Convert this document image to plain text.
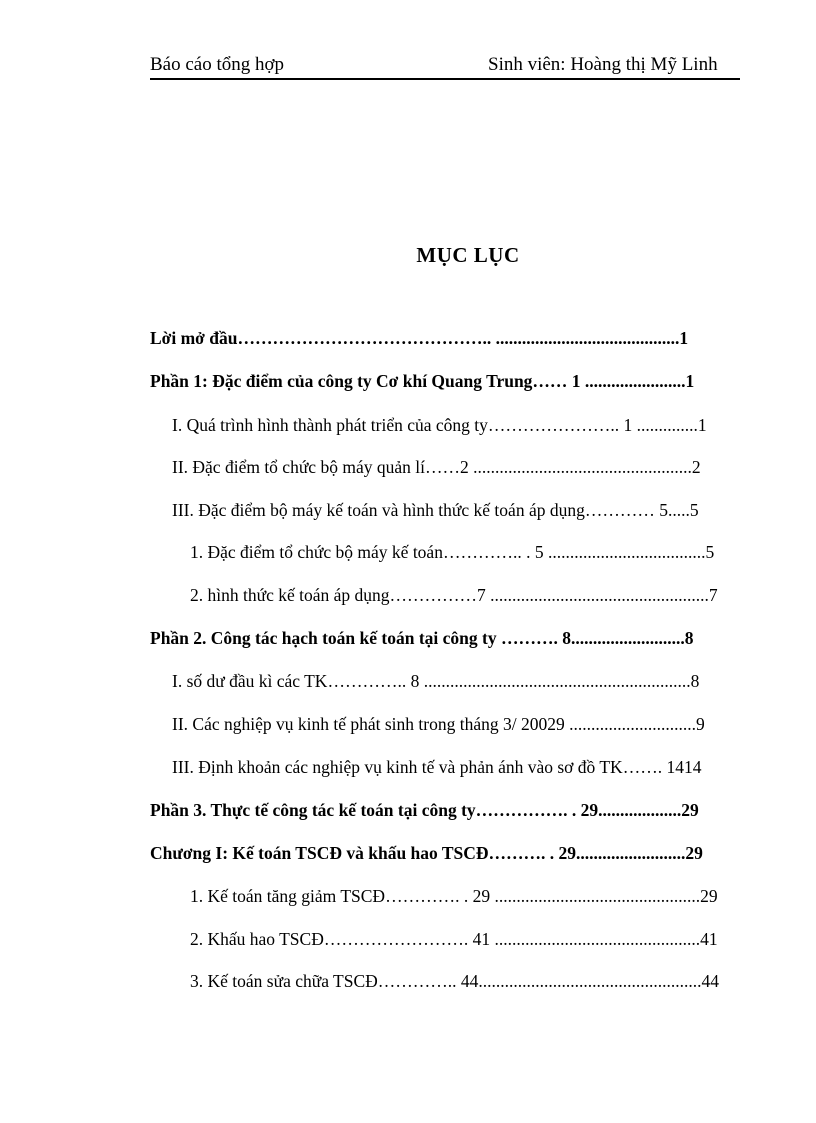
Báo cáo tổng hợp	Sinh viên: Hoàng thị Mỹ Linh
MỤC LỤC
Lời mở đầu…………………………………….. ..........................................1
Phần 1: Đặc điểm của công ty Cơ khí Quang Trung…… 1 .......................1
I. Quá trình hình thành phát triển của công ty………………….. 1 ..............1
II. Đặc điểm tổ chức bộ máy quản lí……2 ..................................................2
III. Đặc điểm bộ máy kế toán và hình thức kế toán áp dụng………… 5.....5
1. Đặc điểm tổ chức bộ máy kế toán………….. . 5 ....................................5
2. hình thức kế toán áp dụng……………7 ..................................................7
Phần 2. Công tác hạch toán kế toán tại công ty ………. 8..........................8
I. số dư đầu kì các TK………….. 8 .............................................................8
II. Các nghiệp vụ kinh tế phát sinh trong tháng 3/ 20029 .............................9
III. Định khoản các nghiệp vụ kinh tế và phản ánh vào sơ đồ TK……. 1414
Phần 3. Thực tế công tác kế toán tại công ty……………. . 29...................29
Chương I: Kế toán TSCĐ và khấu hao TSCĐ………. . 29.........................29
1. Kế toán tăng giảm TSCĐ…………. . 29 ...............................................29
2. Khấu hao TSCĐ……………………. 41 ...............................................41
3. Kế toán sửa chữa TSCĐ………….. 44...................................................44
